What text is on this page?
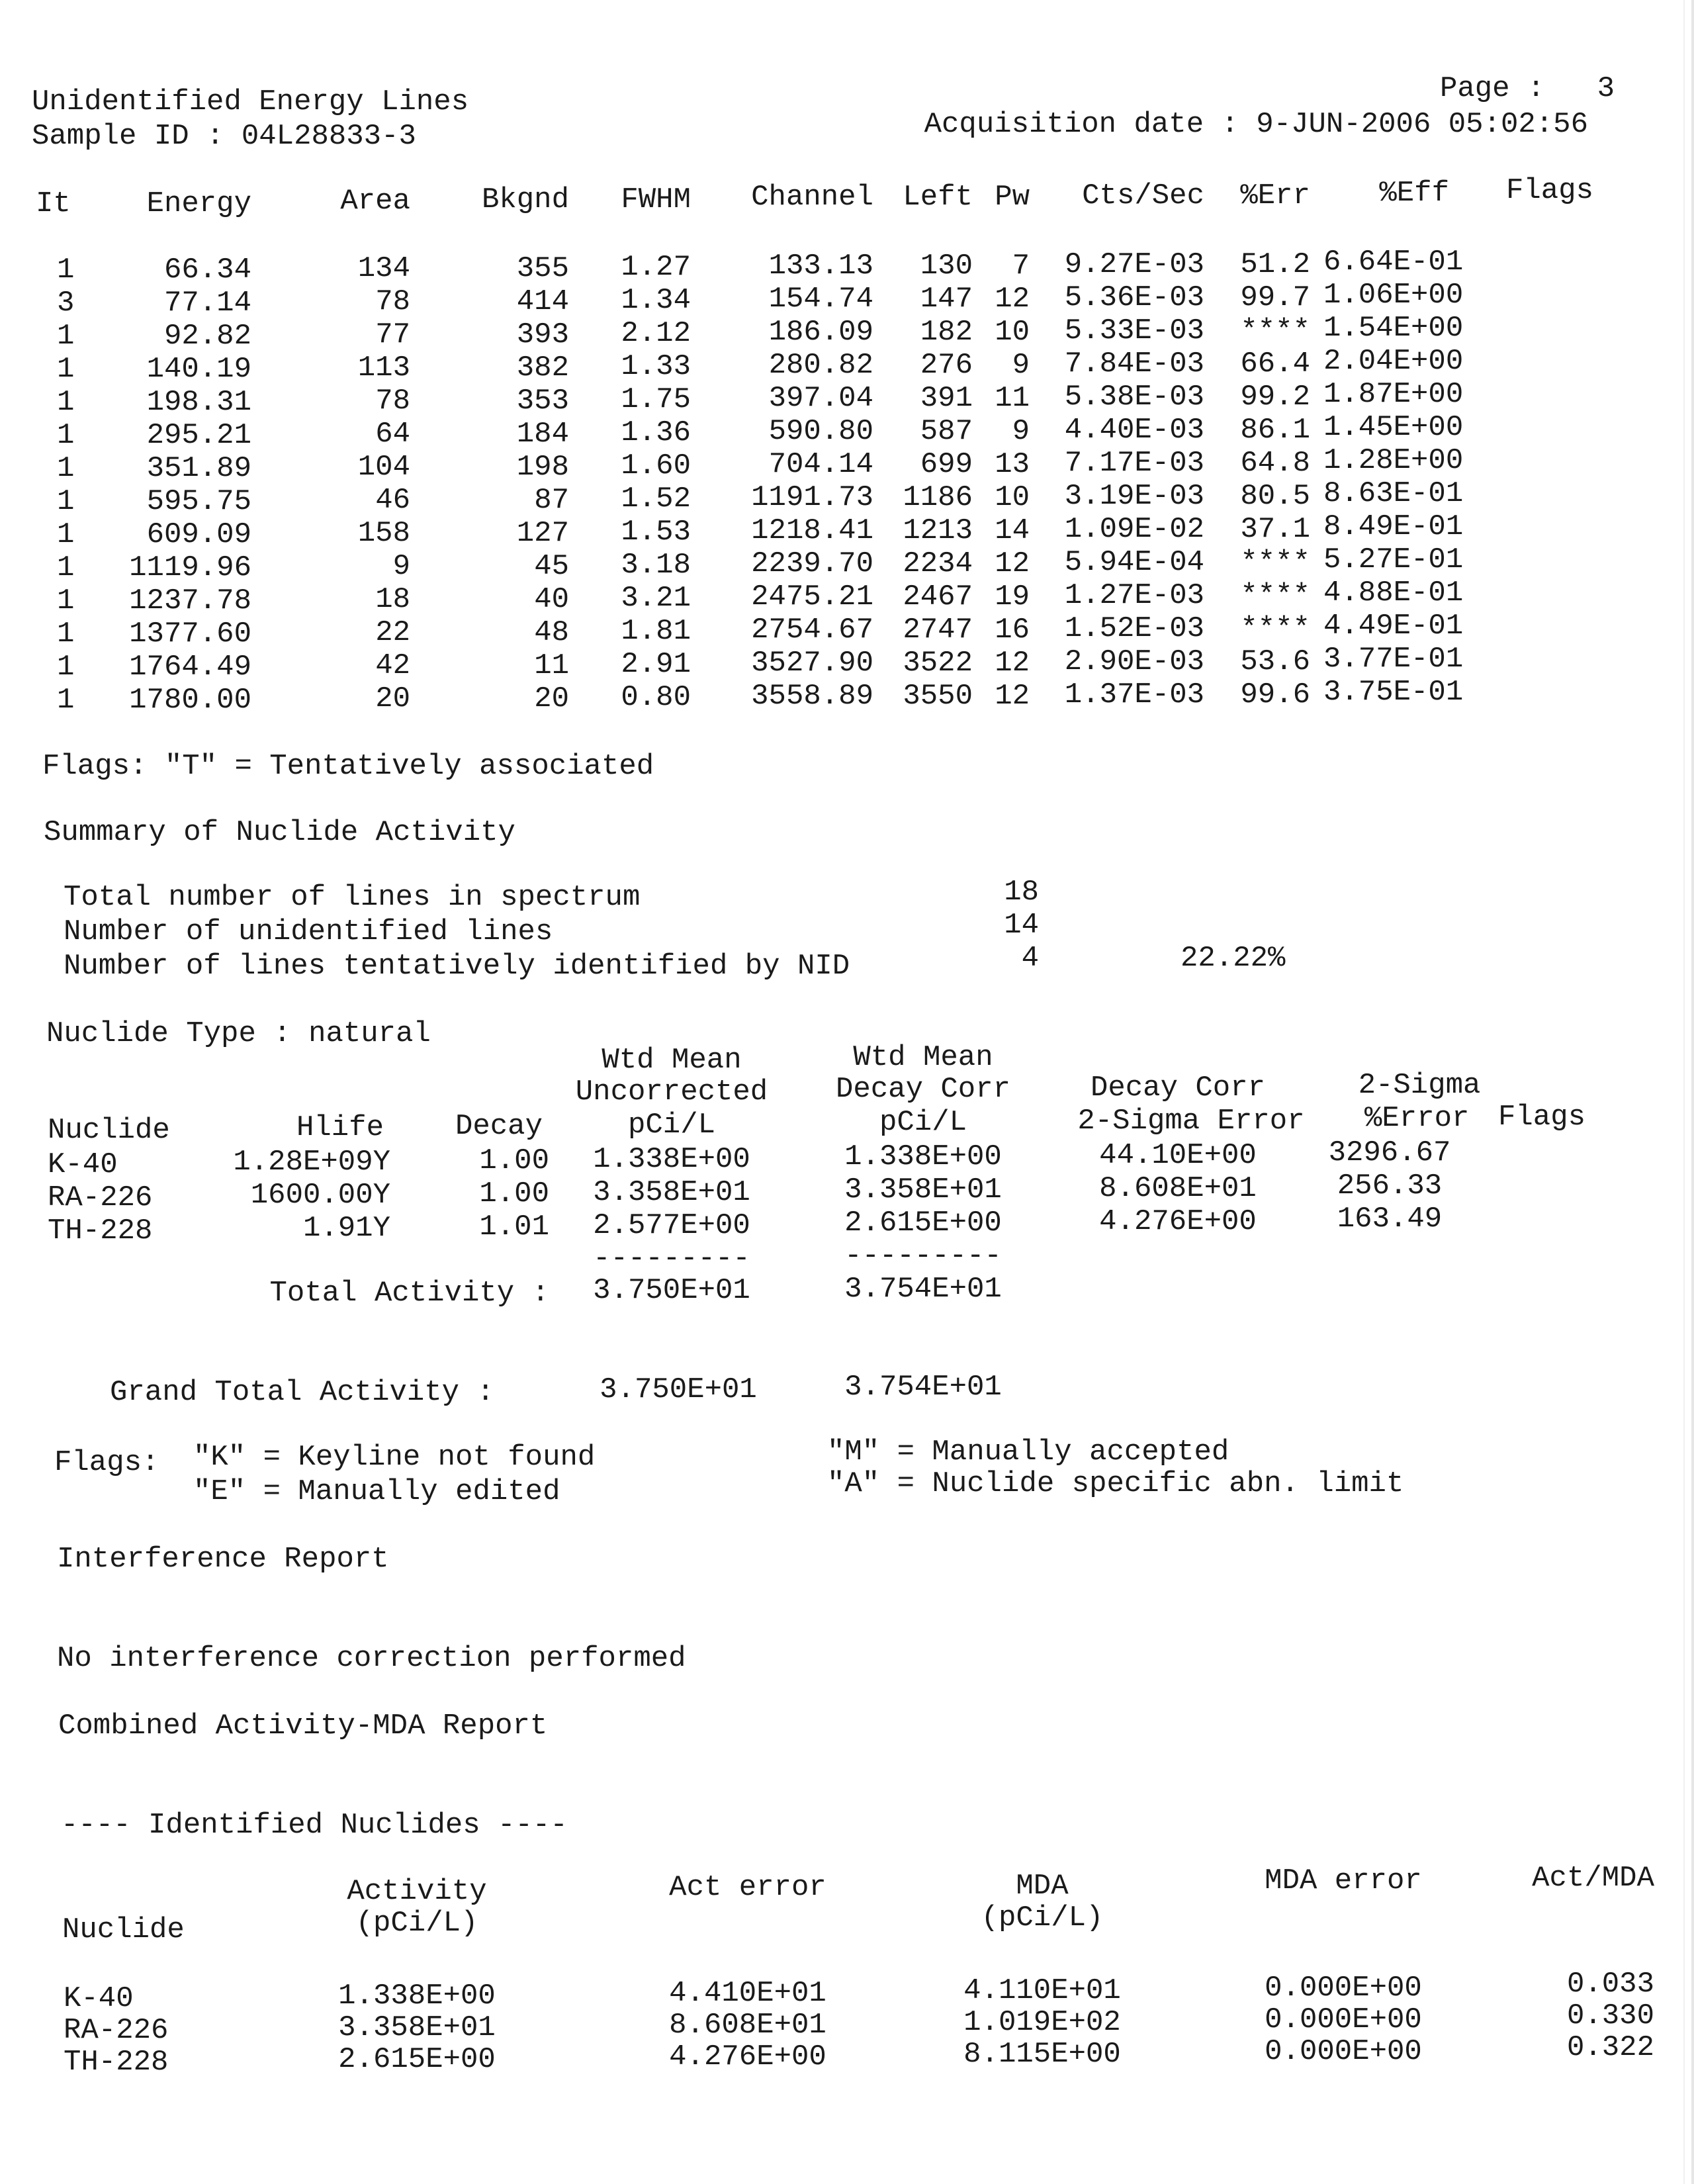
Unidentified Energy Lines
Sample ID : 04L28833-3
Page :   3
Acquisition date : 9-JUN-2006 05:02:56
It	Energy	Area	Bkgnd	FWHM	Channel	Left Pw	Cts/Sec	%Err	%Eff Flags
1	66.34	134	355	1.27	133.13	130	7	9.27E-03	51.2 6.64E-01
3	77.14	78	414	1.34	154.74	147 12	5.36E-03	99.7 1.06E+00
1	92.82	77	393	2.12	186.09	182 10	5.33E-03	**** 1.54E+00
1	140.19	113	382	1.33	280.82	276	9	7.84E-03	66.4 2.04E+00
1	198.31	78	353	1.75	397.04	391 11	5.38E-03	99.2 1.87E+00
1	295.21	64	184	1.36	590.80	587	9	4.40E-03	86.1 1.45E+00
1	351.89	104	198	1.60	704.14	699 13	7.17E-03	64.8 1.28E+00
1	595.75	46	87	1.52	1191.73	1186 10	3.19E-03	80.5 8.63E-01
1	609.09	158	127	1.53	1218.41	1213 14	1.09E-02	37.1 8.49E-01
1	1119.96	9	45	3.18	2239.70	2234 12	5.94E-04	**** 5.27E-01
1	1237.78	18	40	3.21	2475.21	2467 19	1.27E-03	**** 4.88E-01
1	1377.60	22	48	1.81	2754.67	2747 16	1.52E-03	**** 4.49E-01
1	1764.49	42	11	2.91	3527.90	3522 12	2.90E-03	53.6 3.77E-01
1	1780.00	20	20	0.80	3558.89	3550 12	1.37E-03	99.6 3.75E-01
Flags: "T" = Tentatively associated
Summary of Nuclide Activity
Total number of lines in spectrum	18
Number of unidentified lines	14
Number of lines tentatively identified by NID	4	22.22%
Nuclide Type : natural
Wtd Mean	Wtd Mean
Uncorrected	Decay Corr	Decay Corr	2-Sigma
Nuclide	Hlife	Decay	pCi/L	pCi/L	2-Sigma Error	%Error Flags
K-40	1.28E+09Y	1.00	1.338E+00	1.338E+00	44.10E+00	3296.67
RA-226	1600.00Y	1.00	3.358E+01	3.358E+01	8.608E+01	256.33
TH-228	1.91Y	1.01	2.577E+00	2.615E+00	4.276E+00	163.49
---------	---------
Total Activity :	3.750E+01	3.754E+01
Grand Total Activity :	3.750E+01	3.754E+01
Flags: "K" = Keyline not found
"E" = Manually edited
"M" = Manually accepted
"A" = Nuclide specific abn. limit
Interference Report
No interference correction performed
Combined Activity-MDA Report
---- Identified Nuclides ----
Activity
(pCi/L)
Act error	MDA
(pCi/L)
MDA error	Act/MDA
Nuclide
K-40	1.338E+00	4.410E+01	4.110E+01	0.000E+00	0.033
RA-226	3.358E+01	8.608E+01	1.019E+02	0.000E+00	0.330
TH-228	2.615E+00	4.276E+00	8.115E+00	0.000E+00	0.322
